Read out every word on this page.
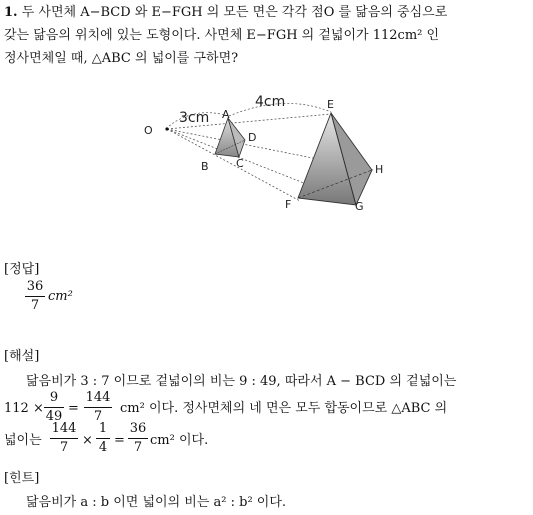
1. 두 사면체 A−BCD 와 E−FGH 의 모든 면은 각각 점O 를 닮음의 중심으로
갖는 닮음의 위치에 있는 도형이다. 사면체 E−FGH 의 겉넓이가 112cm² 인
정사면체일 때, △ABC 의 넓이를 구하면?
O
A
B C
D
E
F	G
H
3cm
4cm
[정답]
36
7
cm²
[해설]
닮음비가 3 : 7 이므로 겉넓이의 비는 9 : 49, 따라서 A − BCD 의 겉넓이는
112 ×
9
49
=
144
7
cm² 이다. 정사면체의 네 면은 모두 합동이므로 △ABC 의
넓이는
144
7	×
1
4 =
36
7 cm² 이다.
[힌트]
닮음비가 a : b 이면 넓이의 비는 a² : b² 이다.
